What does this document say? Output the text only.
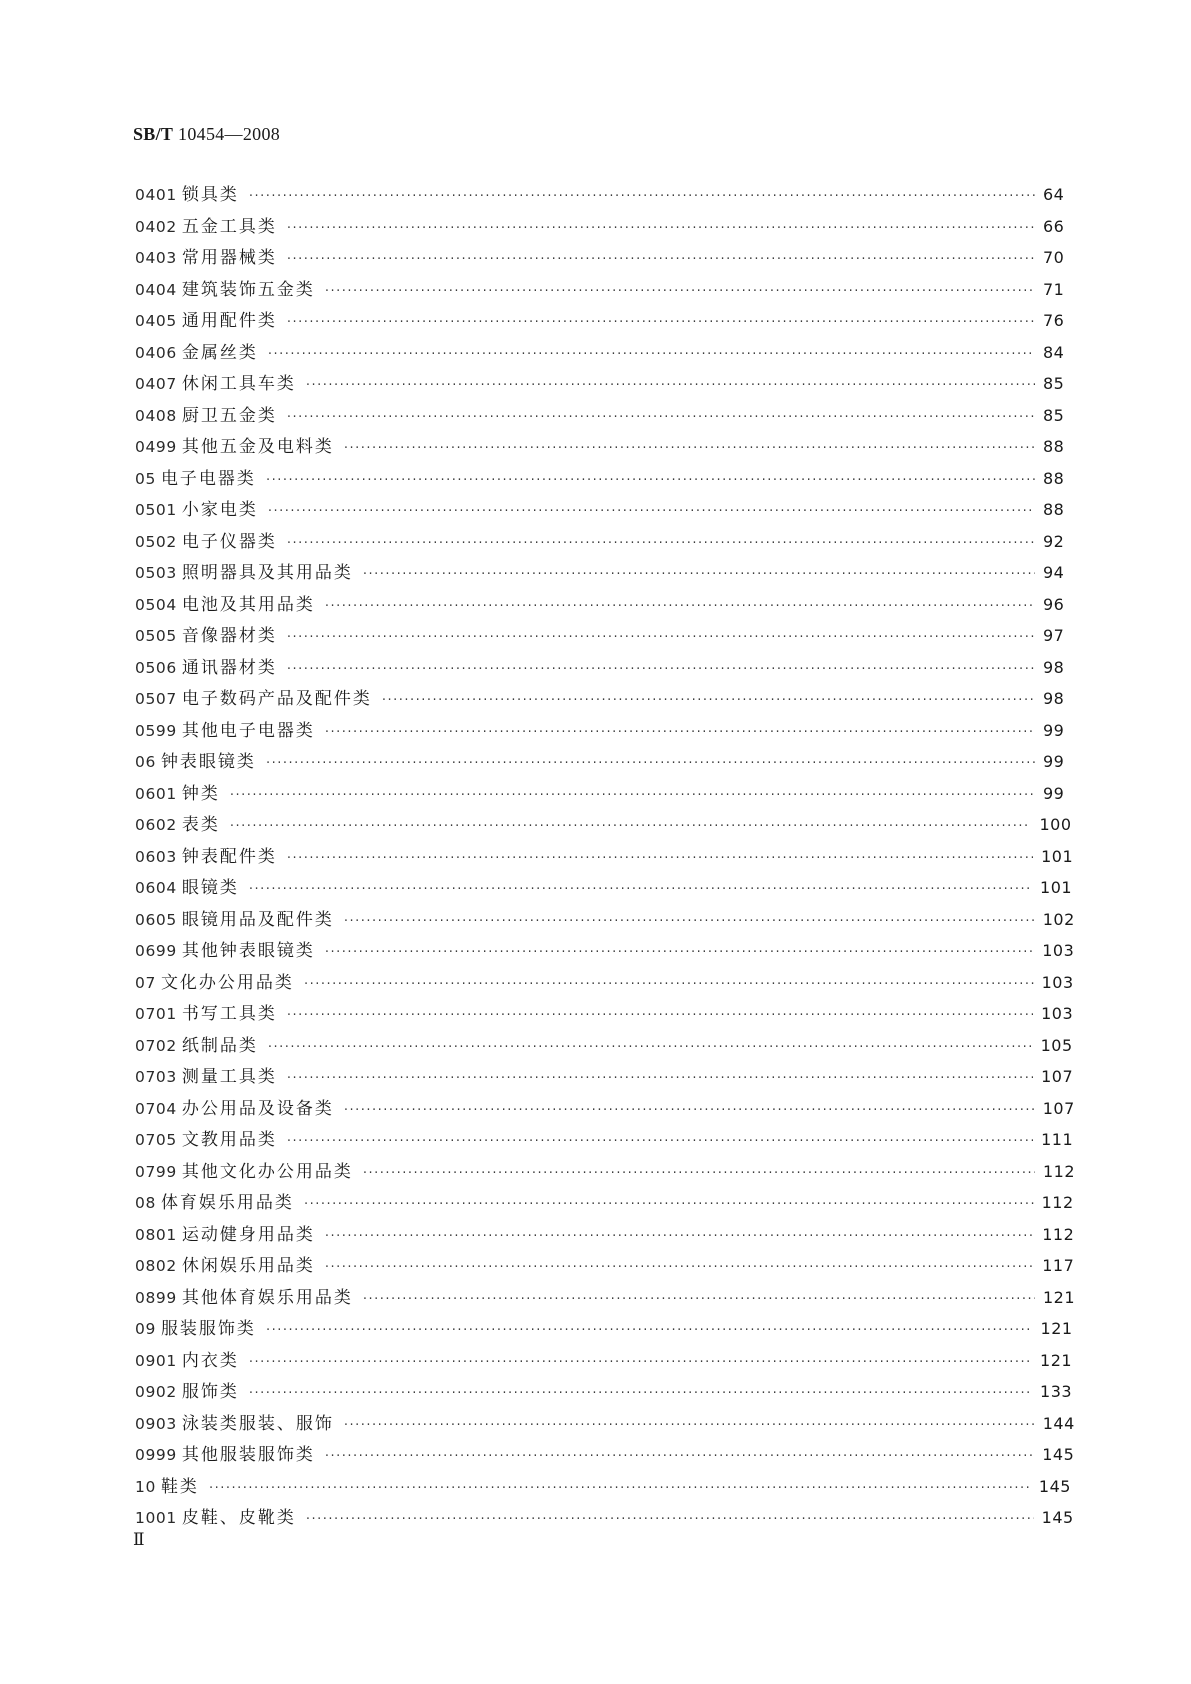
SB/T 10454—2008
0401 锁具类 ·····	64
0402 五金工具类 ·····	66
0403 常用器械类 ·····	70
0404 建筑装饰五金类 ·····	71
0405 通用配件类 ·····	76
0406 金属丝类 ·····	84
0407 休闲工具车类 ·····	85
0408 厨卫五金类 ·····	85
0499 其他五金及电料类 ·····	88
05 电子电器类 ·····	88
0501 小家电类 ·····	88
0502 电子仪器类 ·····	92
0503 照明器具及其用品类 ·····	94
0504 电池及其用品类 ·····	96
0505 音像器材类 ·····	97
0506 通讯器材类 ·····	98
0507 电子数码产品及配件类 ·····	98
0599 其他电子电器类 ·····	99
06 钟表眼镜类 ·····	99
0601 钟类 ·····	99
0602 表类 ·····	100
0603 钟表配件类 ·····	101
0604 眼镜类 ·····	101
0605 眼镜用品及配件类 ·····	102
0699 其他钟表眼镜类 ·····	103
07 文化办公用品类 ·····	103
0701 书写工具类 ·····	103
0702 纸制品类 ·····	105
0703 测量工具类 ·····	107
0704 办公用品及设备类 ·····	107
0705 文教用品类 ·····	111
0799 其他文化办公用品类 ·····	112
08 体育娱乐用品类 ·····	112
0801 运动健身用品类 ·····	112
0802 休闲娱乐用品类 ·····	117
0899 其他体育娱乐用品类 ·····	121
09 服装服饰类 ·····	121
0901 内衣类 ·····	121
0902 服饰类 ·····	133
0903 泳装类服装、服饰 ·····	144
0999 其他服装服饰类 ·····	145
10 鞋类 ·····	145
1001 皮鞋、皮靴类 ·····	145
Ⅱ
